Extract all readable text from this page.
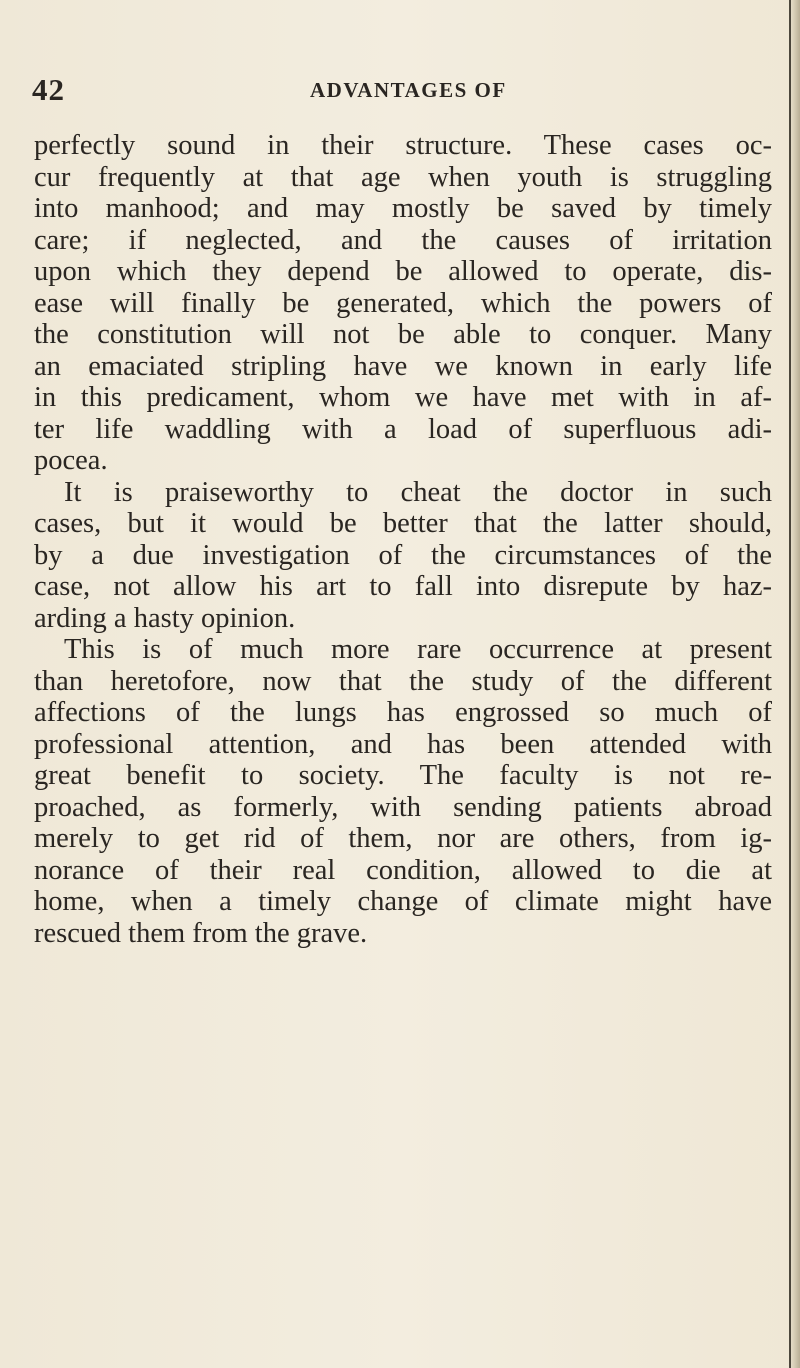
42	ADVANTAGES OF
perfectly sound in their structure. These cases oc-
cur frequently at that age when youth is struggling
into manhood; and may mostly be saved by timely
care; if neglected, and the causes of irritation
upon which they depend be allowed to operate, dis-
ease will finally be generated, which the powers of
the constitution will not be able to conquer. Many
an emaciated stripling have we known in early life
in this predicament, whom we have met with in af-
ter life waddling with a load of superfluous adi-
pocea.
It is praiseworthy to cheat the doctor in such
cases, but it would be better that the latter should,
by a due investigation of the circumstances of the
case, not allow his art to fall into disrepute by haz-
arding a hasty opinion.
This is of much more rare occurrence at present
than heretofore, now that the study of the different
affections of the lungs has engrossed so much of
professional attention, and has been attended with
great benefit to society. The faculty is not re-
proached, as formerly, with sending patients abroad
merely to get rid of them, nor are others, from ig-
norance of their real condition, allowed to die at
home, when a timely change of climate might have
rescued them from the grave.
